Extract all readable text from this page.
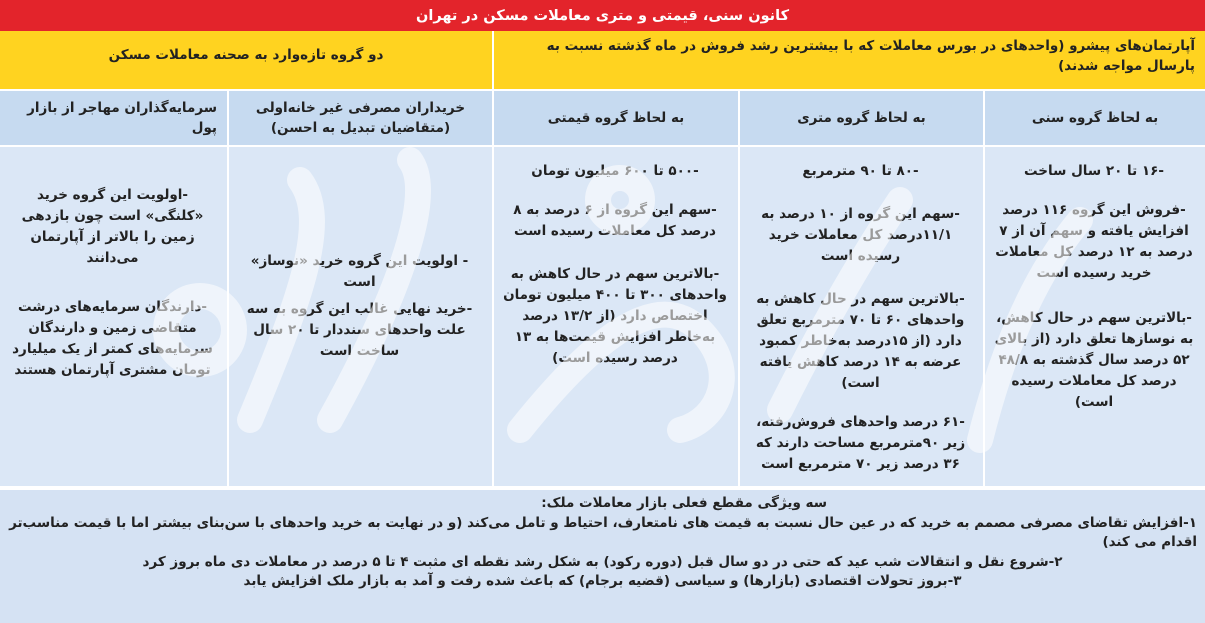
کانون سنی، قیمتی و متری معاملات مسکن در تهران
آپارتمان‌های پیشرو (واحدهای در بورس معاملات که با بیشترین رشد فروش در ماه گذشته نسبت به پارسال مواجه شدند)
دو گروه تازه‌وارد به صحنه معاملات مسکن
به لحاظ گروه سنی
به لحاظ گروه متری
به لحاظ گروه قیمتی
خریداران مصرفی غیر خانه‌اولی (متقاضیان تبدیل به احسن)
سرمایه‌گذاران مهاجر از بازار پول

-۱۶ تا ۲۰ سال ساخت

-فروش این گروه ۱۱۶ درصد افزایش یافته و سهم آن از ۷ درصد به ۱۲ درصد کل معاملات خرید رسیده است

-بالاترین سهم در حال کاهش، به نوسازها تعلق دارد (از بالای ۵۲ درصد سال گذشته به ۴۸/۸ درصد کل معاملات رسیده است)

-۸۰ تا ۹۰ مترمربع

-سهم این گروه از ۱۰ درصد به ۱۱/۱درصد کل معاملات خرید رسیده است

-بالاترین سهم در حال کاهش به واحدهای ۶۰ تا ۷۰ مترمربع تعلق دارد (از ۱۵درصد به‌خاطر کمبود عرضه به ۱۴ درصد کاهش یافته است)

-۶۱ درصد واحدهای فروش‌رفته، زیر ۹۰مترمربع مساحت دارند که ۳۶ درصد زیر ۷۰ مترمربع است

-۵۰۰ تا ۶۰۰ میلیون تومان

-سهم این گروه از ۶ درصد به ۸ درصد کل معاملات رسیده است

-بالاترین سهم در حال کاهش به واحدهای ۳۰۰ تا ۴۰۰ میلیون تومان اختصاص دارد (از ۱۳/۲ درصد به‌خاطر افزایش قیمت‌ها به ۱۳ درصد رسیده است)

- اولویت این گروه خرید «نوساز» است

-خرید نهایی غالب این گروه به سه علت واحدهای سنددار تا ۲۰ سال ساخت است

-اولویت این گروه خرید «کلنگی» است چون بازدهی زمین را بالاتر از آپارتمان می‌دانند

-دارندگان سرمایه‌های درشت متقاضی زمین و دارندگان سرمایه‌های کمتر از یک میلیارد تومان مشتری آپارتمان هستند

سه ویژگی مقطع فعلی بازار معاملات ملک:

۱-افزایش تقاضای مصرفی مصمم به خرید که در عین حال نسبت به قیمت های نامتعارف، احتیاط و تامل می‌کند (و در نهایت به خرید واحدهای با سن‌بنای بیشتر اما با قیمت مناسب‌تر اقدام می کند)

۲-شروع نقل و انتقالات شب عید که حتی در دو سال قبل (دوره رکود) به شکل رشد نقطه ای مثبت ۴ تا ۵ درصد در معاملات دی ماه بروز کرد

۳-بروز تحولات اقتصادی (بازارها) و سیاسی (قضیه برجام) که باعث شده رفت و آمد به بازار ملک افزایش یابد
